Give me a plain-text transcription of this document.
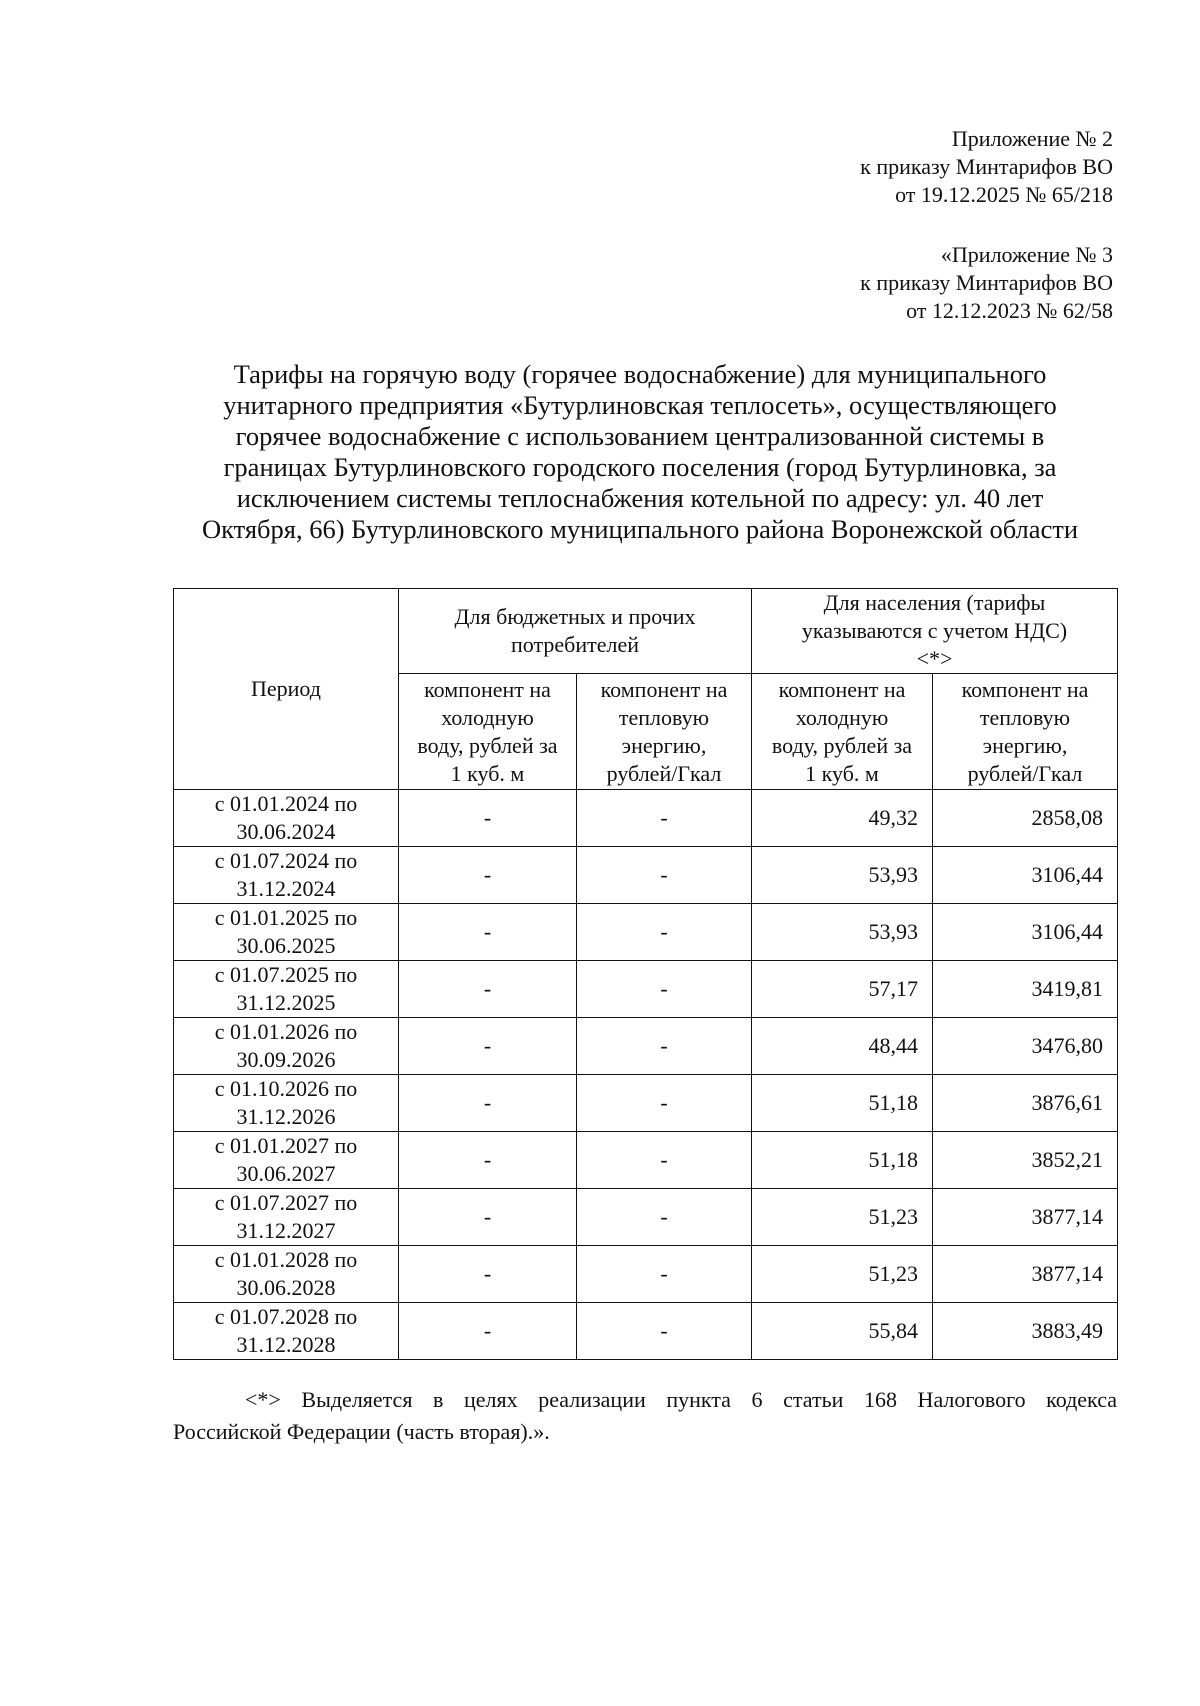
Приложение № 2
к приказу Минтарифов ВО
от 19.12.2025 № 65/218
«Приложение № 3
к приказу Минтарифов ВО
от 12.12.2023 № 62/58
Тарифы на горячую воду (горячее водоснабжение) для муниципального
унитарного предприятия «Бутурлиновская теплосеть», осуществляющего
горячее водоснабжение с использованием централизованной системы в
границах Бутурлиновского городского поселения (город Бутурлиновка, за
исключением системы теплоснабжения котельной по адресу: ул. 40 лет
Октября, 66) Бутурлиновского муниципального района Воронежской области
Период	Для бюджетных и прочих
потребителей		Для населения (тарифы
указываются с учетом НДС)
<*>	

	компонент на
холодную
воду, рублей за
1 куб. м	компонент на
тепловую
энергию,
рублей/Гкал	компонент на
холодную
воду, рублей за
1 куб. м	компонент на
тепловую
энергию,
рублей/Гкал

с 01.01.2024 по
30.06.2024	-	-	49,32	2858,08

с 01.07.2024 по
31.12.2024	-	-	53,93	3106,44

с 01.01.2025 по
30.06.2025	-	-	53,93	3106,44

с 01.07.2025 по
31.12.2025	-	-	57,17	3419,81

с 01.01.2026 по
30.09.2026	-	-	48,44	3476,80

с 01.10.2026 по
31.12.2026	-	-	51,18	3876,61

с 01.01.2027 по
30.06.2027	-	-	51,18	3852,21

с 01.07.2027 по
31.12.2027	-	-	51,23	3877,14

с 01.01.2028 по
30.06.2028	-	-	51,23	3877,14

с 01.07.2028 по
31.12.2028	-	-	55,84	3883,49
<*> Выделяется в целях реализации пункта 6 статьи 168 Налогового кодекса
Российской Федерации (часть вторая).».
